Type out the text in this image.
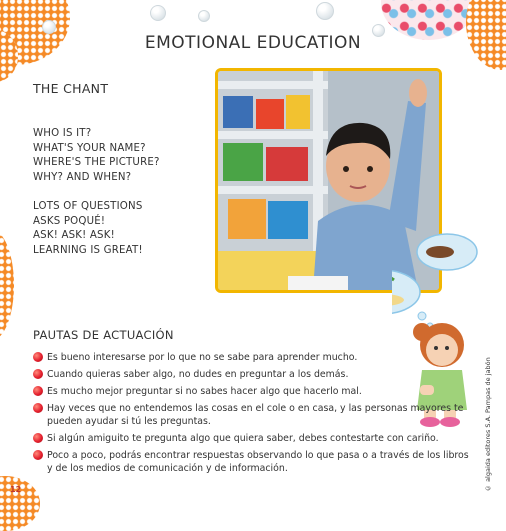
EMOTIONAL EDUCATION
THE CHANT
WHO IS IT?
WHAT'S YOUR NAME?
WHERE'S THE PICTURE?
WHY? AND WHEN?
LOTS OF QUESTIONS
ASKS POQUÉ!
ASK! ASK! ASK!
LEARNING IS GREAT!
PAUTAS DE ACTUACIÓN
Es bueno interesarse por lo que no se sabe para aprender mucho.
Cuando quieras saber algo, no dudes en preguntar a los demás.
Es mucho mejor preguntar si no sabes hacer algo que hacerlo mal.
Hay veces que no entendemos las cosas en el cole o en casa, y las personas mayores te pueden ayudar si tú les preguntas.
Si algún amiguito te pregunta algo que quiera saber, debes contestarte con cariño.
Poco a poco, podrás encontrar respuestas observando lo que pasa o a través de los libros y de los medios de comunicación y de información.	© algaida editores S.A. Pampas de jabón
12
